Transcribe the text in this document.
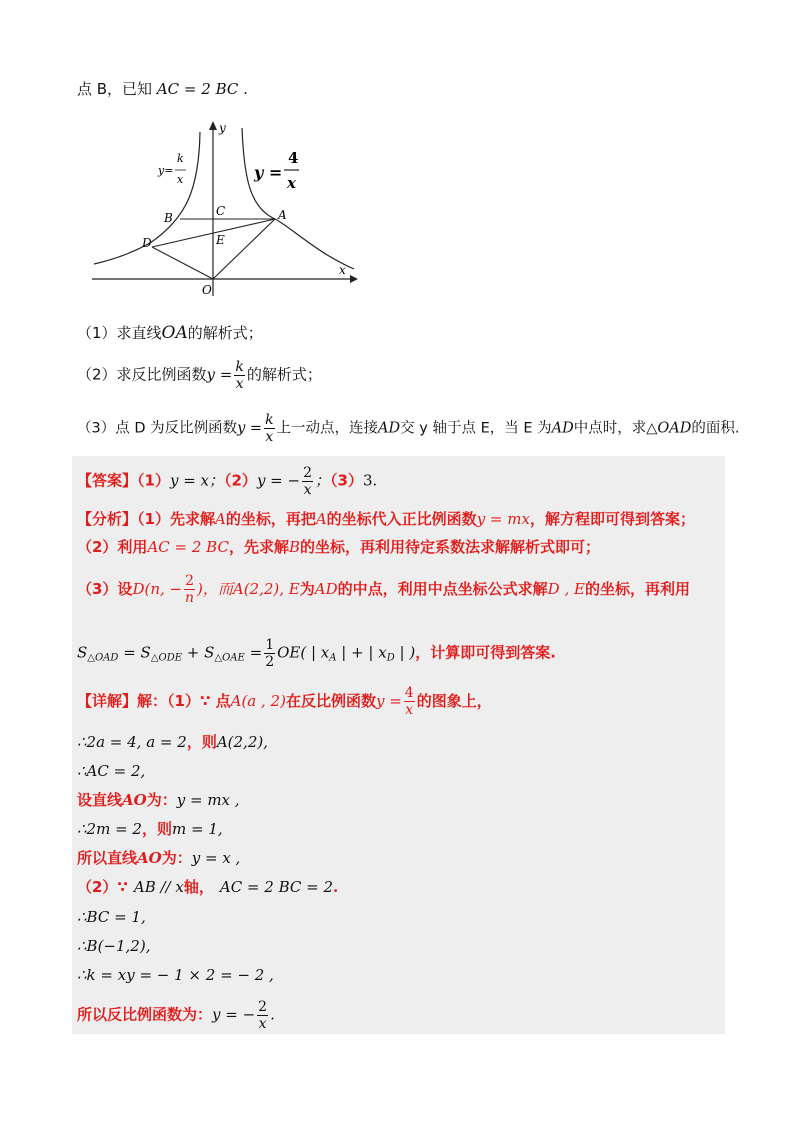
点 B，已知 AC = 2 BC .
y
x
O
A
B	C
D	E
y=
k
x	y =
4
x
（1）求直线OA的解析式；
（2）求反比例函数$y = \frac{k}{x}$ 的解析式；
（3）点 D 为反比例函数$y = \frac{k}{x}$ 上一动点，连接AD交 y 轴于点 E，当 E 为AD中点时，求△OAD的面积.
【答案】（1）y = x；（2）y = − $\frac{2}{x}$ ；（3）3.
【分析】（1）先求解A的坐标，再把A的坐标代入正比例函数y = mx，解方程即可得到答案；
（2）利用AC = 2 BC，先求解B的坐标，再利用待定系数法求解解析式即可；
（3）设D(n, − $\frac{2}{n}$ )，而A(2,2), E为AD的中点，利用中点坐标公式求解D , E的坐标，再利用
$S_{\triangle OAD} = S_{\triangle ODE} + S_{\triangle OAE} = \frac{1}{2} OE$( | $x_A$ | + | $x_D$ | )，计算即可得到答案.
【详解】解：（1）∵ 点A(a , 2)在反比例函数$y = \frac{4}{x}$ 的图象上，
∴2a = 4, a = 2，则A(2,2),
∴AC = 2,
设直线AO为：y = mx ,
∴2m = 2，则m = 1,
所以直线AO为：y = x ,
（2）∵ AB // x轴， AC = 2 BC = 2.
∴BC = 1,
∴B(−1,2),
∴k = xy = − 1 × 2 = − 2 ,
所以反比例函数为：y = − $\frac{2}{x}$ .
